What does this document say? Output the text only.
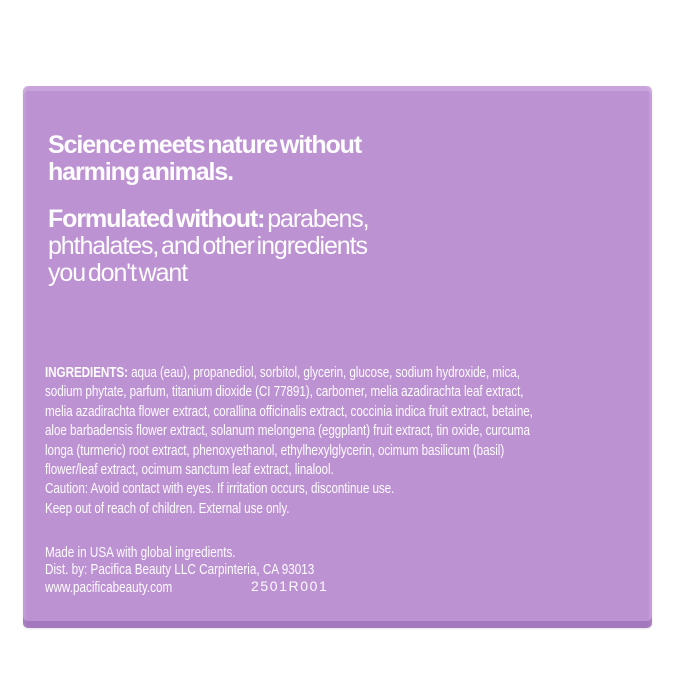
Science meets nature without
harming animals.
Formulated without: parabens,
phthalates, and other ingredients
you don't want
INGREDIENTS: aqua (eau), propanediol, sorbitol, glycerin, glucose, sodium hydroxide, mica,
sodium phytate, parfum, titanium dioxide (CI 77891), carbomer, melia azadirachta leaf extract,
melia azadirachta flower extract, corallina officinalis extract, coccinia indica fruit extract, betaine,
aloe barbadensis flower extract, solanum melongena (eggplant) fruit extract, tin oxide, curcuma
longa (turmeric) root extract, phenoxyethanol, ethylhexylglycerin, ocimum basilicum (basil)
flower/leaf extract, ocimum sanctum leaf extract, linalool.
Caution: Avoid contact with eyes. If irritation occurs, discontinue use.
Keep out of reach of children. External use only.
Made in USA with global ingredients.
Dist. by: Pacifica Beauty LLC Carpinteria, CA 93013
www.pacificabeauty.com	2501R001
